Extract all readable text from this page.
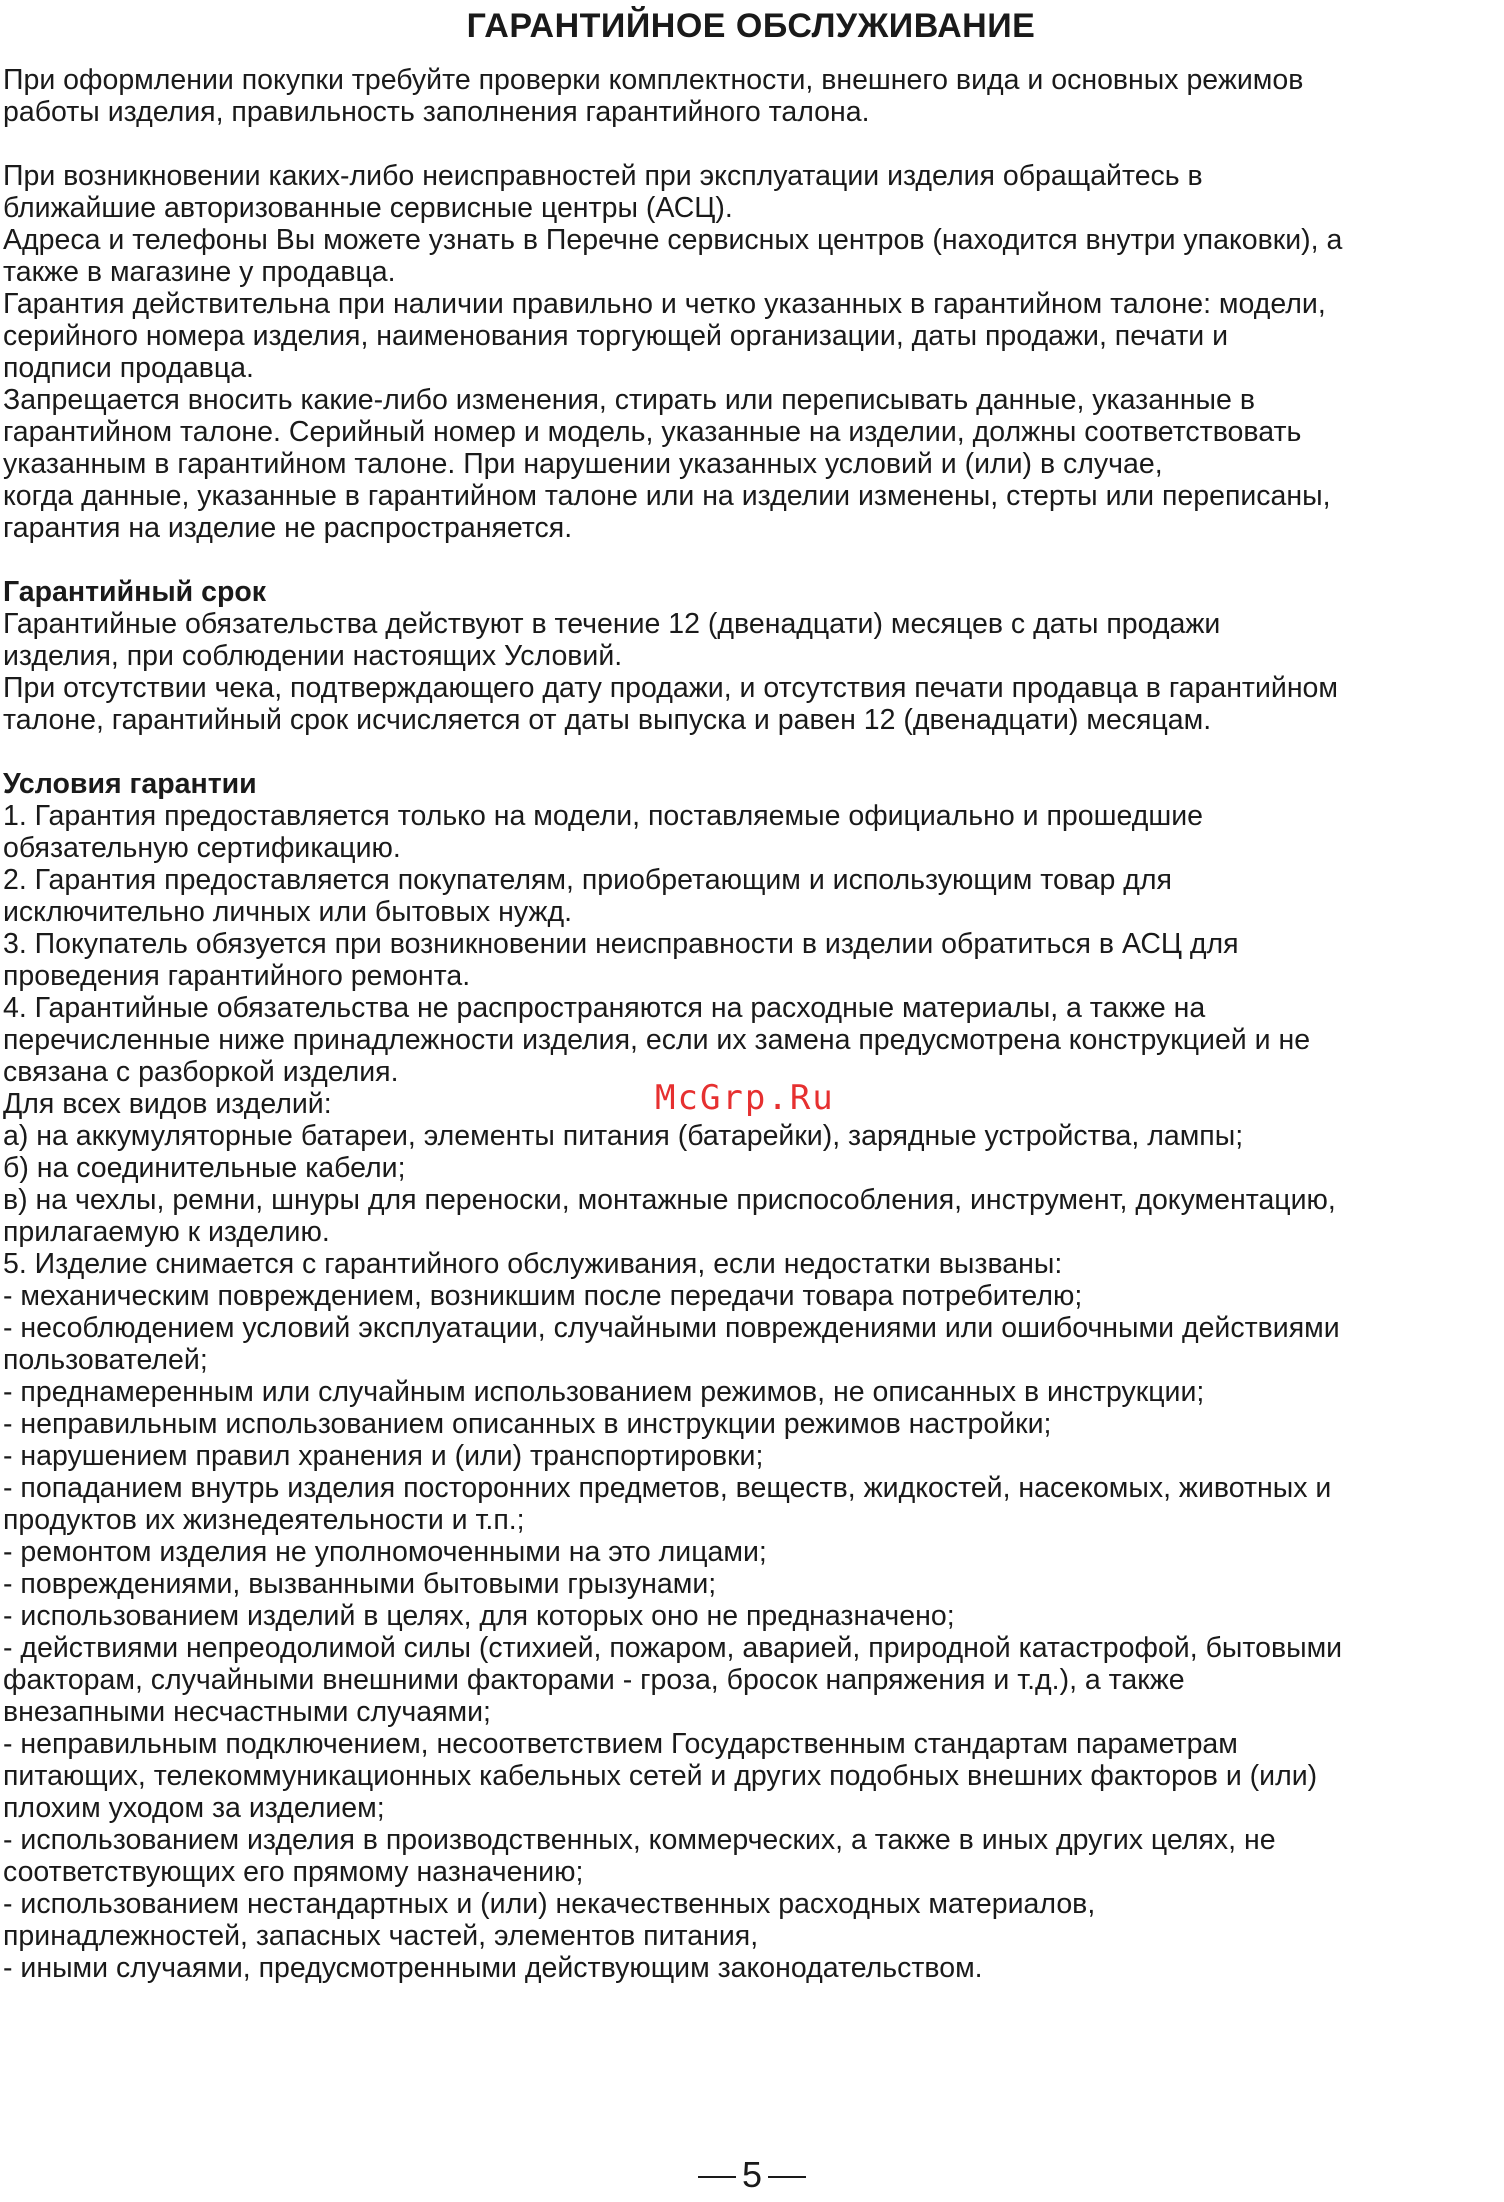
ГАРАНТИЙНОЕ ОБСЛУЖИВАНИЕ
При оформлении покупки требуйте проверки комплектности, внешнего вида и основных режимов
работы изделия, правильность заполнения гарантийного талона.
При возникновении каких-либо неисправностей при эксплуатации изделия обращайтесь в
ближайшие авторизованные сервисные центры (АСЦ).
Адреса и телефоны Вы можете узнать в Перечне сервисных центров (находится внутри упаковки), а
также в магазине у продавца.
Гарантия действительна при наличии правильно и четко указанных в гарантийном талоне: модели,
серийного номера изделия, наименования торгующей организации, даты продажи, печати и
подписи продавца.
Запрещается вносить какие-либо изменения, стирать или переписывать данные, указанные в
гарантийном талоне. Серийный номер и модель, указанные на изделии, должны соответствовать
указанным в гарантийном талоне. При нарушении указанных условий и (или) в случае,
когда данные, указанные в гарантийном талоне или на изделии изменены, стерты или переписаны,
гарантия на изделие не распространяется.
Гарантийный срок
Гарантийные обязательства действуют в течение 12 (двенадцати) месяцев с даты продажи
изделия, при соблюдении настоящих Условий.
При отсутствии чека, подтверждающего дату продажи, и отсутствия печати продавца в гарантийном
талоне, гарантийный срок исчисляется от даты выпуска и равен 12 (двенадцати) месяцам.
Условия гарантии
1. Гарантия предоставляется только на модели, поставляемые официально и прошедшие
обязательную сертификацию.
2. Гарантия предоставляется покупателям, приобретающим и использующим товар для
исключительно личных или бытовых нужд.
3. Покупатель обязуется при возникновении неисправности в изделии обратиться в АСЦ для
проведения гарантийного ремонта.
4. Гарантийные обязательства не распространяются на расходные материалы, а также на
перечисленные ниже принадлежности изделия, если их замена предусмотрена конструкцией и не
связана с разборкой изделия.
Для всех видов изделий:
а) на аккумуляторные батареи, элементы питания (батарейки), зарядные устройства, лампы;
б) на соединительные кабели;
в) на чехлы, ремни, шнуры для переноски, монтажные приспособления, инструмент, документацию,
прилагаемую к изделию.
5. Изделие снимается с гарантийного обслуживания, если недостатки вызваны:
- механическим повреждением, возникшим после передачи товара потребителю;
- несоблюдением условий эксплуатации, случайными повреждениями или ошибочными действиями
пользователей;
- преднамеренным или случайным использованием режимов, не описанных в инструкции;
- неправильным использованием описанных в инструкции режимов настройки;
- нарушением правил хранения и (или) транспортировки;
- попаданием внутрь изделия посторонних предметов, веществ, жидкостей, насекомых, животных и
продуктов их жизнедеятельности и т.п.;
- ремонтом изделия не уполномоченными на это лицами;
- повреждениями, вызванными бытовыми грызунами;
- использованием изделий в целях, для которых оно не предназначено;
- действиями непреодолимой силы (стихией, пожаром, аварией, природной катастрофой, бытовыми
факторам, случайными внешними факторами - гроза, бросок напряжения и т.д.), а также
внезапными несчастными случаями;
- неправильным подключением, несоответствием Государственным стандартам параметрам
питающих, телекоммуникационных кабельных сетей и других подобных внешних факторов и (или)
плохим уходом за изделием;
- использованием изделия в производственных, коммерческих, а также в иных других целях, не
соответствующих его прямому назначению;
- использованием нестандартных и (или) некачественных расходных материалов,
принадлежностей, запасных частей, элементов питания,
- иными случаями, предусмотренными действующим законодательством.
McGrp.Ru
5
